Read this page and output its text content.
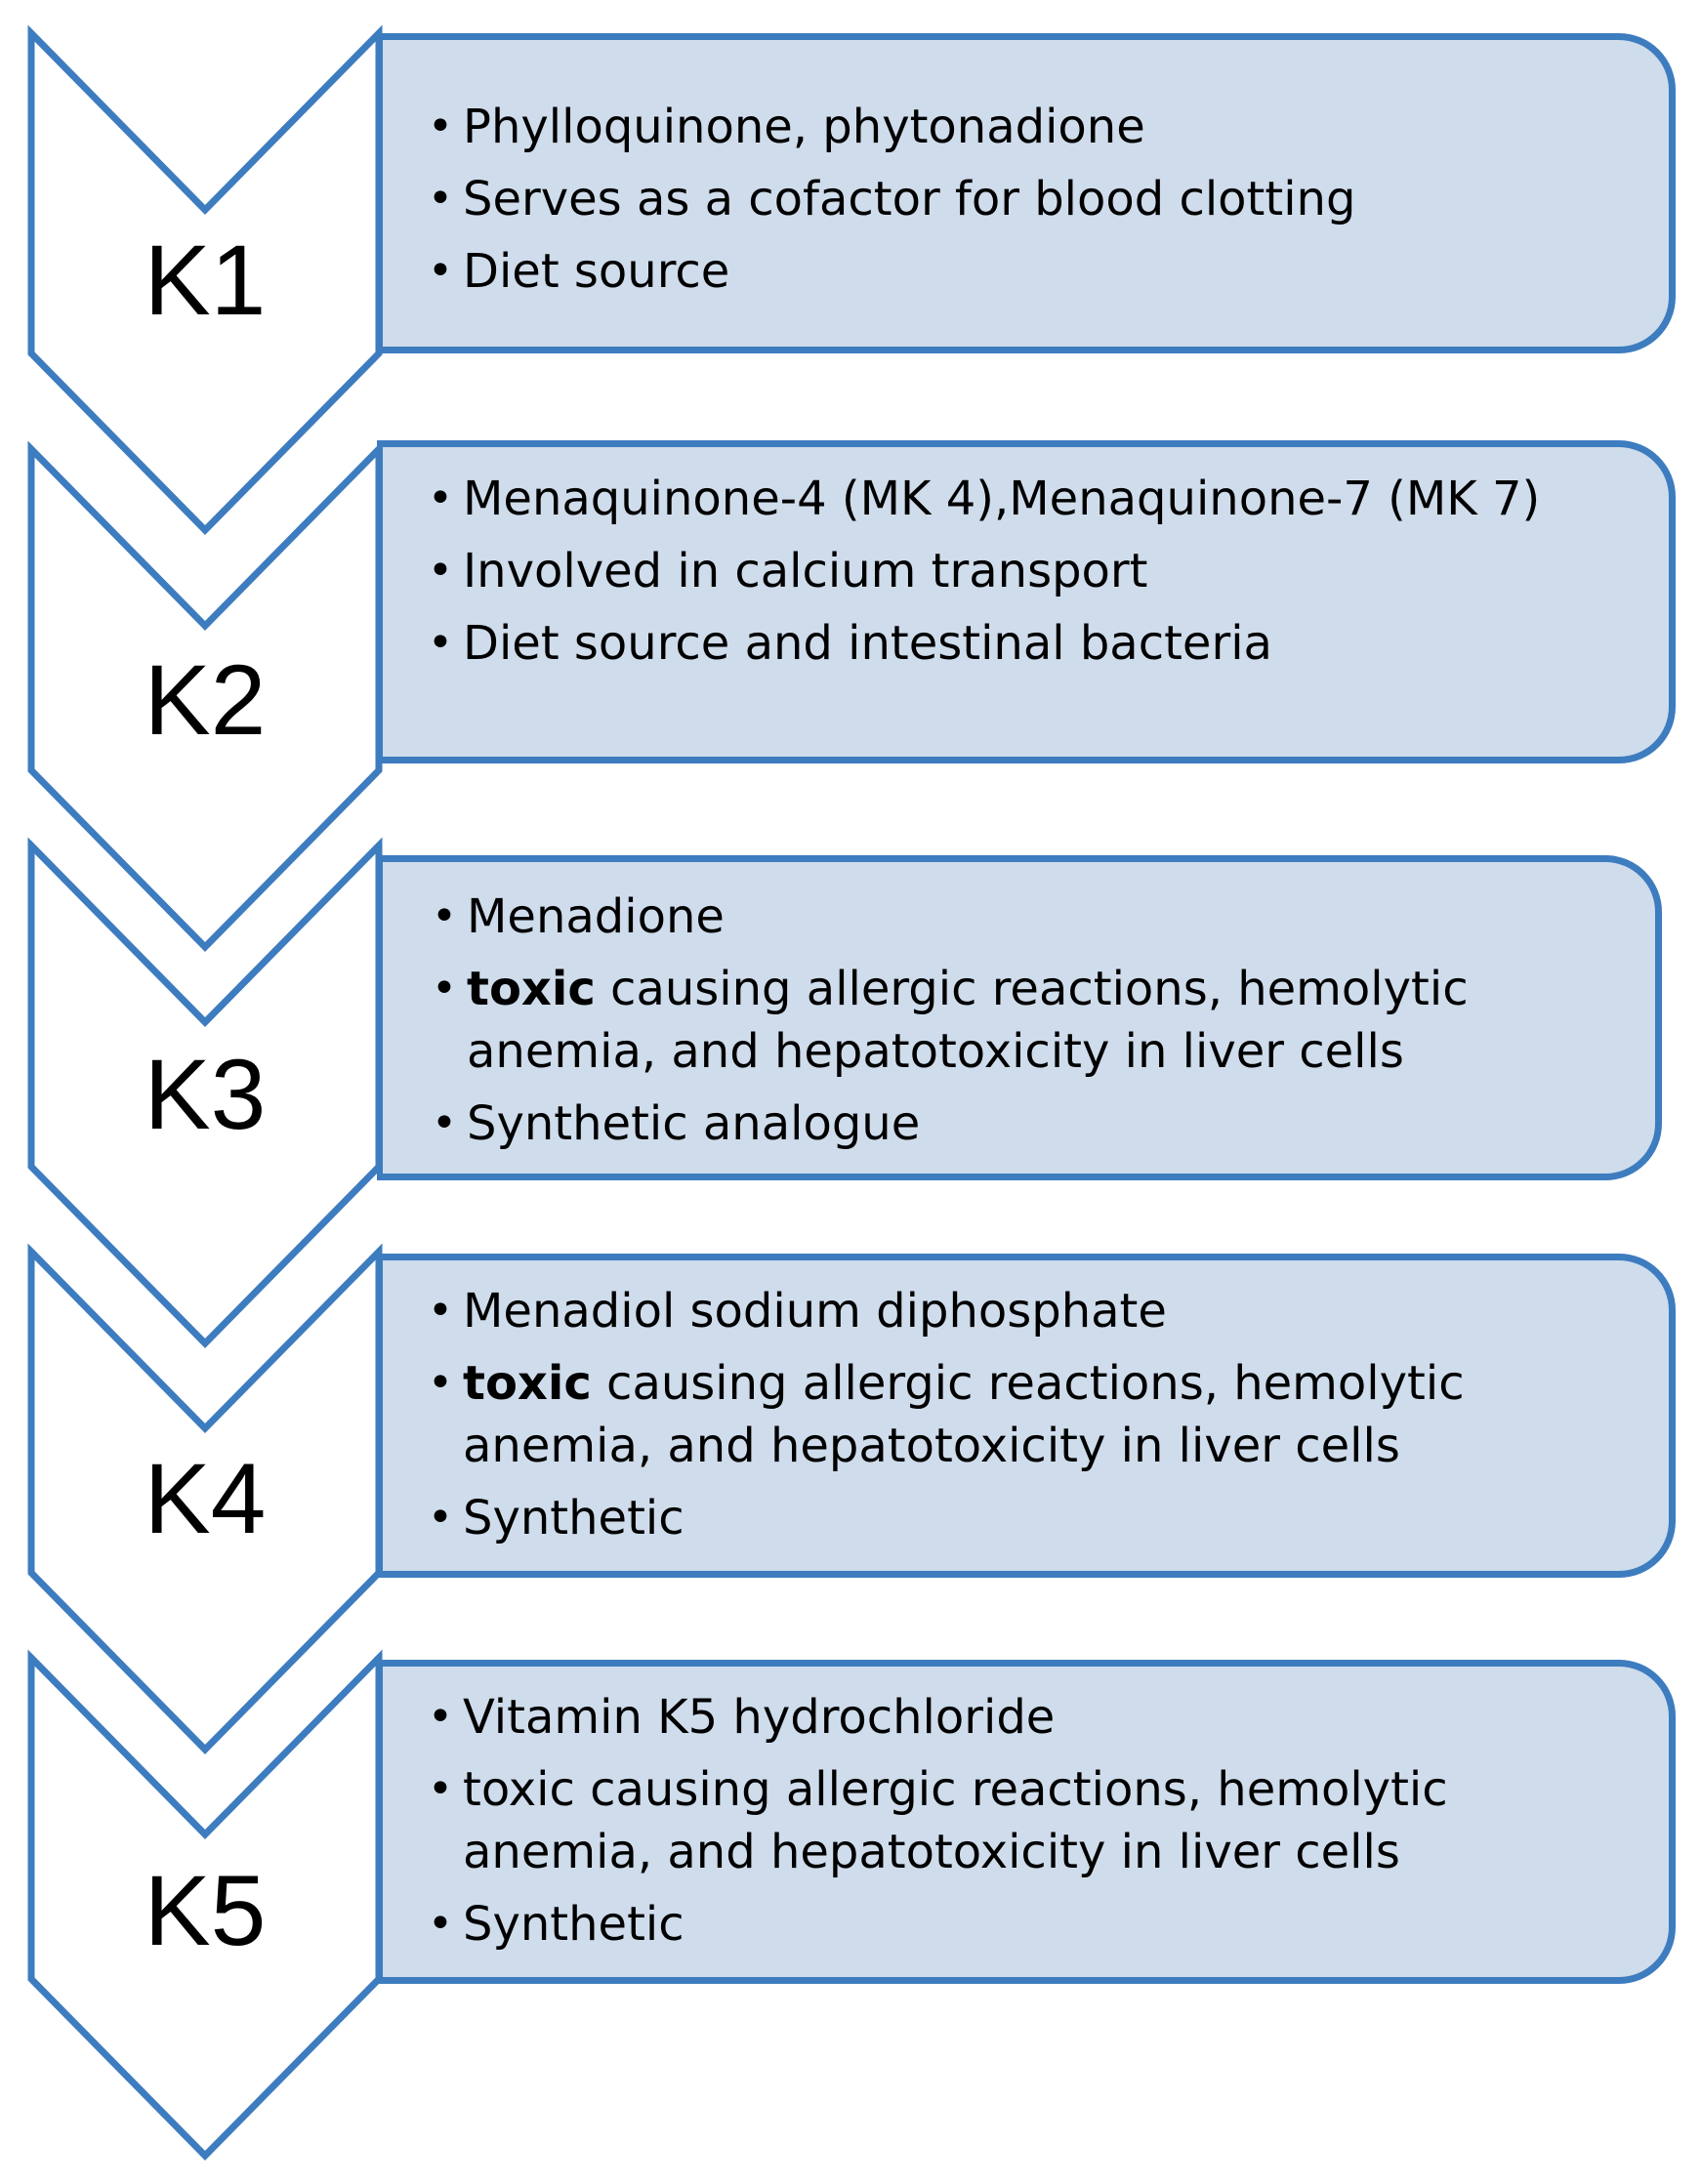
K1
K2
K3
K4
K5
• Phylloquinone, phytonadione
• Serves as a cofactor for blood clotting
• Diet source
• Menaquinone-4 (MK 4),Menaquinone-7 (MK 7)
• Involved in calcium transport
• Diet source and intestinal bacteria
• Menadione
• toxic causing allergic reactions, hemolytic anemia, and hepatotoxicity in liver cells
• Synthetic analogue
• Menadiol sodium diphosphate
• toxic causing allergic reactions, hemolytic anemia, and hepatotoxicity in liver cells
• Synthetic
• Vitamin K5 hydrochloride
• toxic causing allergic reactions, hemolytic anemia, and hepatotoxicity in liver cells
• Synthetic
